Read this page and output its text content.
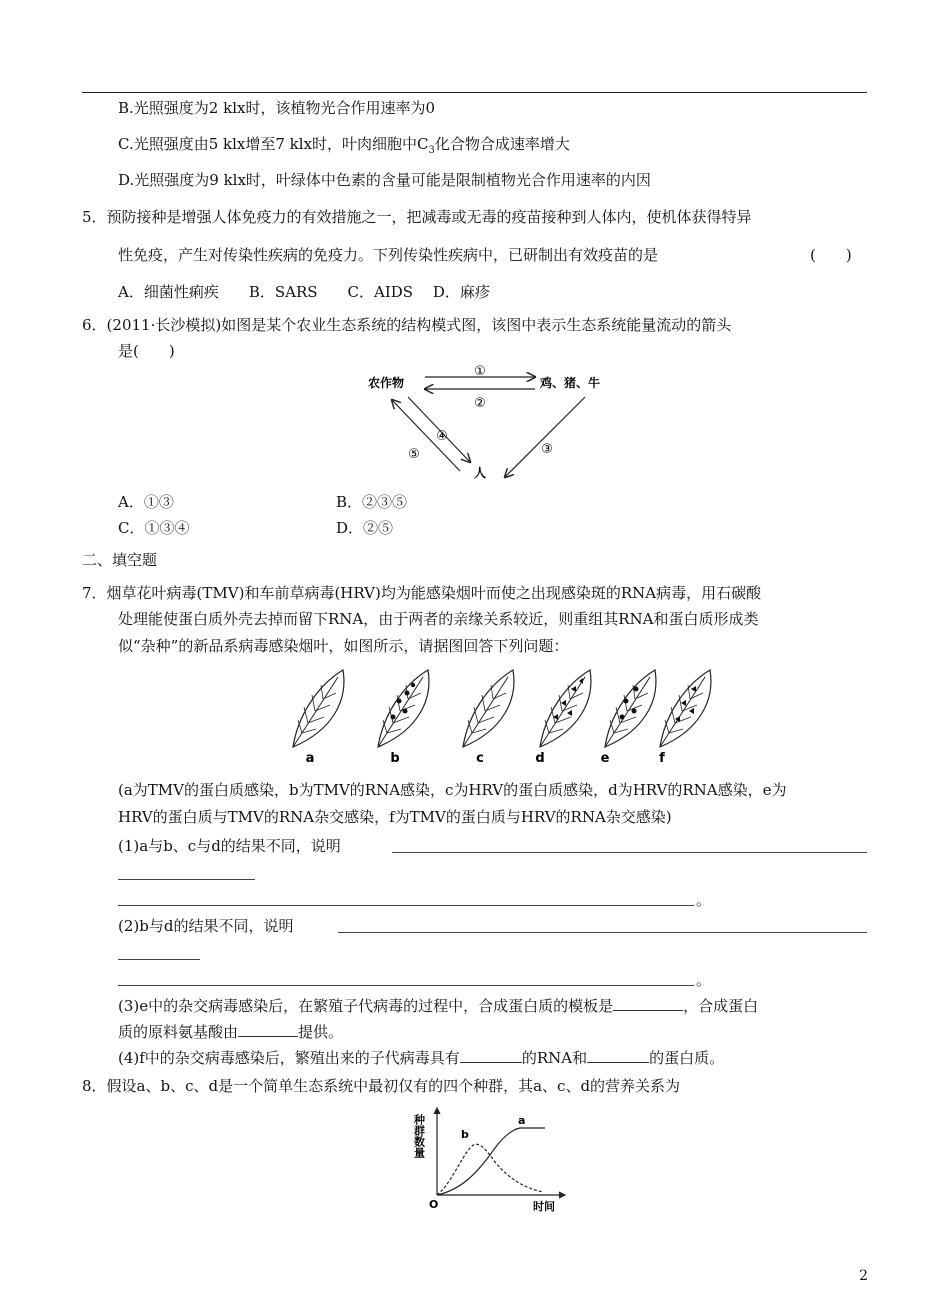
B.光照强度为2 klx时，该植物光合作用速率为0
C.光照强度由5 klx增至7 klx时，叶肉细胞中$C_3$化合物合成速率增大
D.光照强度为9 klx时，叶绿体中色素的含量可能是限制植物光合作用速率的内因
5．预防接种是增强人体免疫力的有效措施之一，把减毒或无毒的疫苗接种到人体内，使机体获得特异
性免疫，产生对传染性疾病的免疫力。下列传染性疾病中，已研制出有效疫苗的是	(　　)
A．细菌性痢疾　　B．SARS　　C．AIDS　 D．麻疹
6．(2011·长沙模拟)如图是某个农业生态系统的结构模式图，该图中表示生态系统能量流动的箭头
是(　　)
农作物	鸡、猪、牛
人
①
②
③
④
⑤
A．①③	B．②③⑤
C．①③④	D．②⑤
二、填空题
7．烟草花叶病毒(TMV)和车前草病毒(HRV)均为能感染烟叶而使之出现感染斑的RNA病毒，用石碳酸
处理能使蛋白质外壳去掉而留下RNA，由于两者的亲缘关系较近，则重组其RNA和蛋白质形成类
似“杂种”的新品系病毒感染烟叶，如图所示，请据图回答下列问题：
a	b	c	d	e	f
(a为TMV的蛋白质感染，b为TMV的RNA感染，c为HRV的蛋白质感染，d为HRV的RNA感染，e为
HRV的蛋白质与TMV的RNA杂交感染，f为TMV的蛋白质与HRV的RNA杂交感染)
(1)a与b、c与d的结果不同，说明
。
(2)b与d的结果不同，说明
。
(3)e中的杂交病毒感染后，在繁殖子代病毒的过程中，合成蛋白质的模板是	，合成蛋白
质的原料氨基酸由	提供。
(4)f中的杂交病毒感染后，繁殖出来的子代病毒具有	的RNA和	的蛋白质。
8．假设a、b、c、d是一个简单生态系统中最初仅有的四个种群，其a、c、d的营养关系为
种群数量
时间
O
a
b
2
